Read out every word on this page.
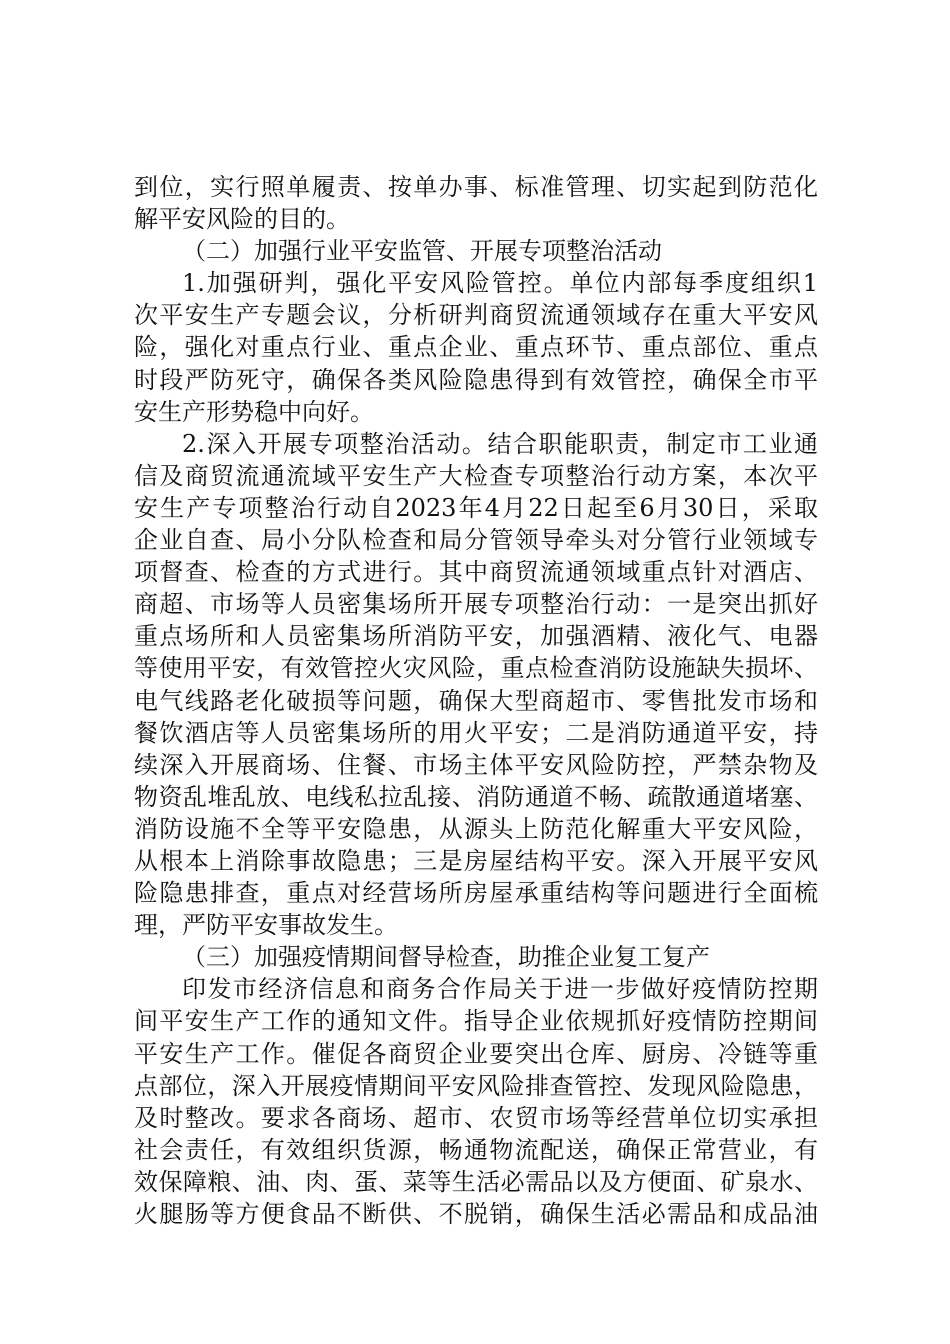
到位，实行照单履责、按单办事、标准管理、切实起到防范化
解平安风险的目的。
（二）加强行业平安监管、开展专项整治活动
1.加强研判，强化平安风险管控。单位内部每季度组织1
次平安生产专题会议，分析研判商贸流通领域存在重大平安风
险，强化对重点行业、重点企业、重点环节、重点部位、重点
时段严防死守，确保各类风险隐患得到有效管控，确保全市平
安生产形势稳中向好。
2.深入开展专项整治活动。结合职能职责，制定市工业通
信及商贸流通流域平安生产大检查专项整治行动方案，本次平
安生产专项整治行动自2023年4月22日起至6月30日，采取
企业自查、局小分队检查和局分管领导牵头对分管行业领域专
项督查、检查的方式进行。其中商贸流通领域重点针对酒店、
商超、市场等人员密集场所开展专项整治行动：一是突出抓好
重点场所和人员密集场所消防平安，加强酒精、液化气、电器
等使用平安，有效管控火灾风险，重点检查消防设施缺失损坏、
电气线路老化破损等问题，确保大型商超市、零售批发市场和
餐饮酒店等人员密集场所的用火平安；二是消防通道平安，持
续深入开展商场、住餐、市场主体平安风险防控，严禁杂物及
物资乱堆乱放、电线私拉乱接、消防通道不畅、疏散通道堵塞、
消防设施不全等平安隐患，从源头上防范化解重大平安风险，
从根本上消除事故隐患；三是房屋结构平安。深入开展平安风
险隐患排查，重点对经营场所房屋承重结构等问题进行全面梳
理，严防平安事故发生。
（三）加强疫情期间督导检查，助推企业复工复产
印发市经济信息和商务合作局关于进一步做好疫情防控期
间平安生产工作的通知文件。指导企业依规抓好疫情防控期间
平安生产工作。催促各商贸企业要突出仓库、厨房、冷链等重
点部位，深入开展疫情期间平安风险排查管控、发现风险隐患，
及时整改。要求各商场、超市、农贸市场等经营单位切实承担
社会责任，有效组织货源，畅通物流配送，确保正常营业，有
效保障粮、油、肉、蛋、菜等生活必需品以及方便面、矿泉水、
火腿肠等方便食品不断供、不脱销，确保生活必需品和成品油
